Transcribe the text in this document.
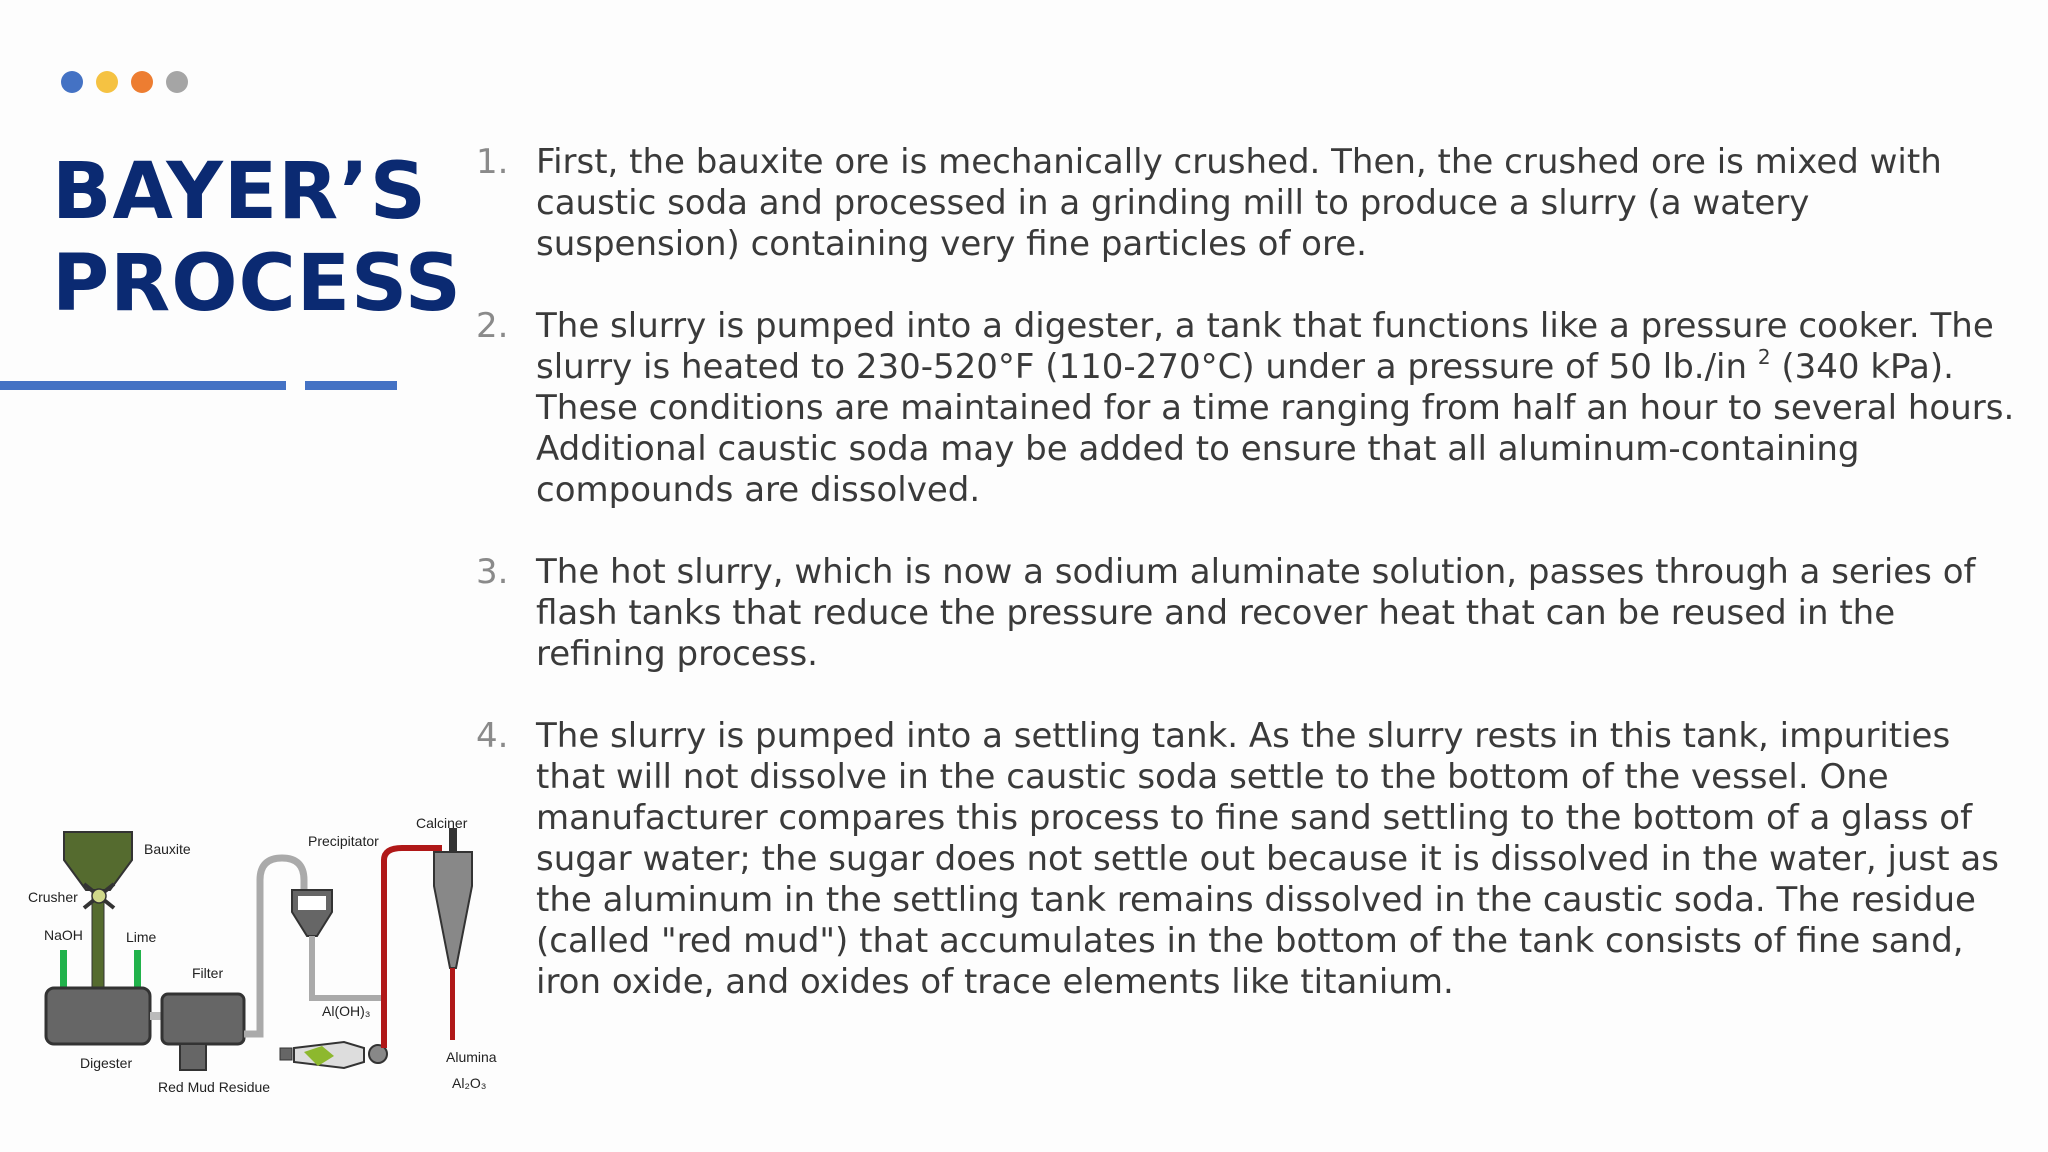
BAYER’S
PROCESS
1. First, the bauxite ore is mechanically crushed. Then, the crushed ore is mixed with caustic soda and processed in a grinding mill to produce a slurry (a watery suspension) containing very fine particles of ore.
2. The slurry is pumped into a digester, a tank that functions like a pressure cooker. The slurry is heated to 230-520°F (110-270°C) under a pressure of 50 lb./in $^2$ (340 kPa). These conditions are maintained for a time ranging from half an hour to several hours. Additional caustic soda may be added to ensure that all aluminum-containing compounds are dissolved.
3. The hot slurry, which is now a sodium aluminate solution, passes through a series of flash tanks that reduce the pressure and recover heat that can be reused in the refining process.
4. The slurry is pumped into a settling tank. As the slurry rests in this tank, impurities that will not dissolve in the caustic soda settle to the bottom of the vessel. One manufacturer compares this process to fine sand settling to the bottom of a glass of sugar water; the sugar does not settle out because it is dissolved in the water, just as the aluminum in the settling tank remains dissolved in the caustic soda. The residue (called "red mud") that accumulates in the bottom of the tank consists of fine sand, iron oxide, and oxides of trace elements like titanium.
Bauxite
Crusher
NaOH	Lime
Filter
Digester
Red Mud Residue
Precipitator
Al(OH)₃
Calciner
Alumina
Al₂O₃
